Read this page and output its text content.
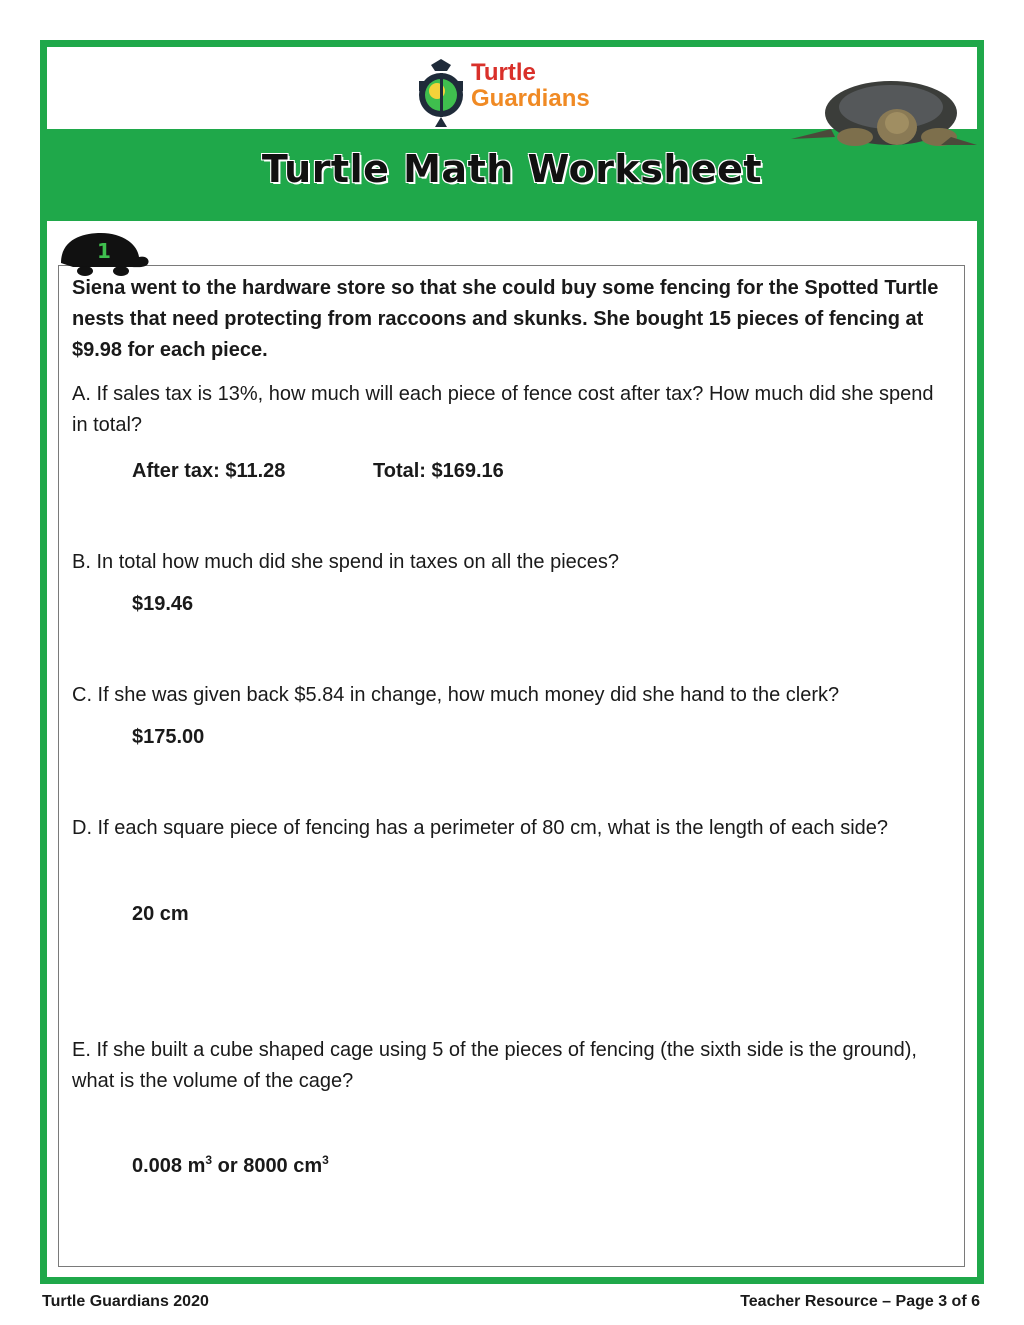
Turtle
Guardians
Turtle Math Worksheet
1
Siena went to the hardware store so that she could buy some fencing for the Spotted Turtle nests that need protecting from raccoons and skunks. She bought 15 pieces of fencing at $9.98 for each piece.
A. If sales tax is 13%, how much will each piece of fence cost after tax? How much did she spend in total?
After tax: $11.28	Total: $169.16
B. In total how much did she spend in taxes on all the pieces?
$19.46
C. If she was given back $5.84 in change, how much money did she hand to the clerk?
$175.00
D. If each square piece of fencing has a perimeter of 80 cm, what is the length of each side?
20 cm
E. If she built a cube shaped cage using 5 of the pieces of fencing (the sixth side is the ground), what is the volume of the cage?
0.008 $m^3$ or 8000 $cm^3$
Turtle Guardians 2020	Teacher Resource – Page 3 of 6
